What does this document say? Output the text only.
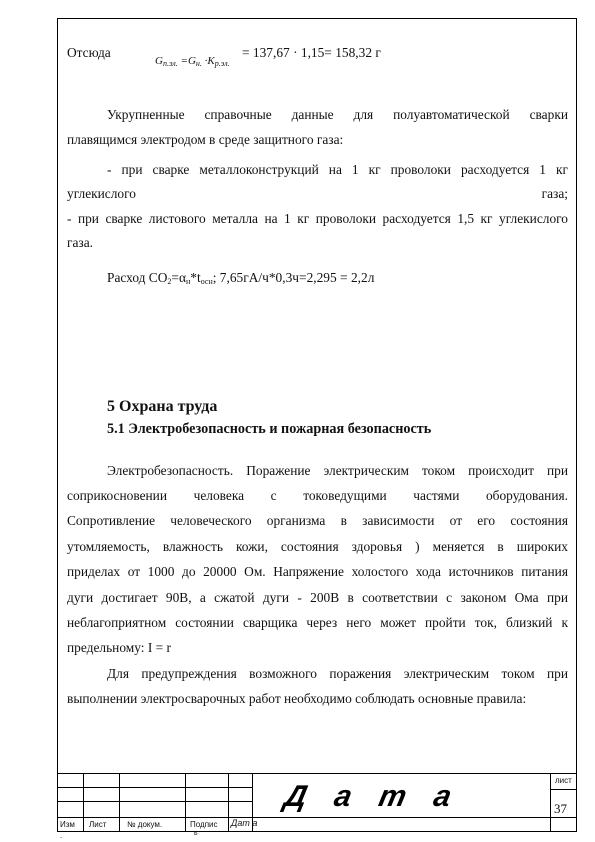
Отсюда
$G_{п.эл.} =G_{н.} \cdot K_{р.эл.}$
= 137,67 · 1,15= 158,32 г
Укрупненные справочные данные для полуавтоматической сварки
плавящимся электродом в среде защитного газа:
- при сварке металлоконструкций на 1 кг проволоки расходуется 1 кг
углекислого	газа;
- при сварке листового металла на 1 кг проволоки расходуется 1,5 кг углекислого
газа.
Расход $CO_2=\alpha_н*t_{осн}$; 7,65гА/ч*0,3ч=2,295 = 2,2л
5 Охрана труда
5.1 Электробезопасность и пожарная безопасность
Электробезопасность. Поражение электрическим током происходит при
соприкосновении человека с токоведущими частями оборудования.
Сопротивление человеческого организма в зависимости от его состояния
утомляемость, влажность кожи, состояния здоровья ) меняется в широких
приделах от 1000 до 20000 Ом. Напряжение холостого хода источников питания
дуги достигает 90В, а сжатой дуги - 200В в соответствии с законом Ома при
неблагоприятном состоянии сварщика через него может пройти ток, близкий к
предельному: I = r
Для предупреждения возможного поражения электрическим током при
выполнении электросварочных работ необходимо соблюдать основные правила:
Изм Лист	№ докум.	Подпис
ь
Дат а
.
Дата	лист
37
